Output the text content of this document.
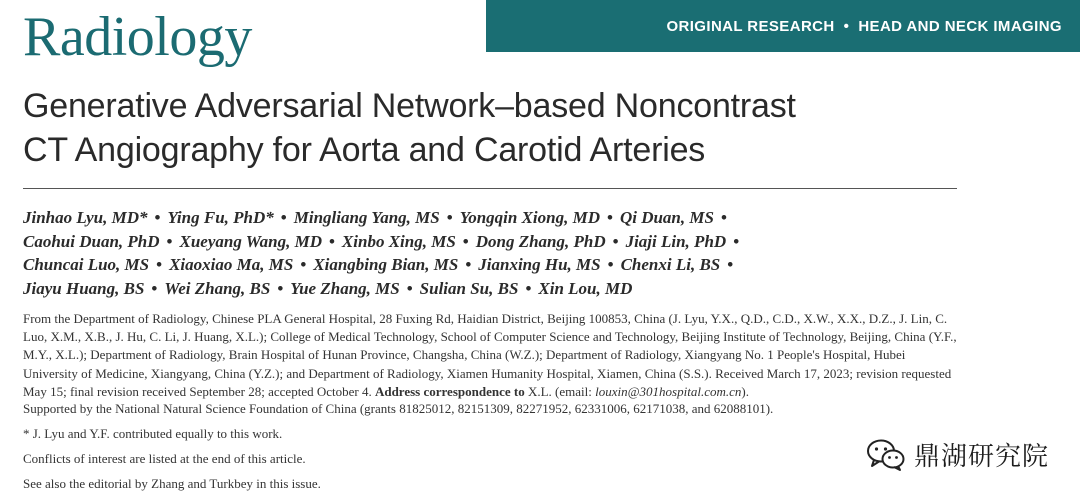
Radiology	ORIGINAL RESEARCH • HEAD AND NECK IMAGING
Generative Adversarial Network–based Noncontrast
CT Angiography for Aorta and Carotid Arteries
Jinhao Lyu, MD* • Ying Fu, PhD* • Mingliang Yang, MS • Yongqin Xiong, MD • Qi Duan, MS •
Caohui Duan, PhD • Xueyang Wang, MD • Xinbo Xing, MS • Dong Zhang, PhD • Jiaji Lin, PhD •
Chuncai Luo, MS • Xiaoxiao Ma, MS • Xiangbing Bian, MS • Jianxing Hu, MS • Chenxi Li, BS •
Jiayu Huang, BS • Wei Zhang, BS • Yue Zhang, MS • Sulian Su, BS • Xin Lou, MD
From the Department of Radiology, Chinese PLA General Hospital, 28 Fuxing Rd, Haidian District, Beijing 100853, China (J. Lyu, Y.X., Q.D., C.D., X.W., X.X., D.Z., J. Lin, C. Luo, X.M., X.B., J. Hu, C. Li, J. Huang, X.L.); College of Medical Technology, School of Computer Science and Technology, Beijing Institute of Technology, Beijing, China (Y.F., M.Y., X.L.); Department of Radiology, Brain Hospital of Hunan Province, Changsha, China (W.Z.); Department of Radiology, Xiangyang No. 1 People's Hospital, Hubei University of Medicine, Xiangyang, China (Y.Z.); and Department of Radiology, Xiamen Humanity Hospital, Xiamen, China (S.S.). Received March 17, 2023; revision requested May 15; final revision received September 28; accepted October 4. Address correspondence to X.L. (email: louxin@301hospital.com.cn).
Supported by the National Natural Science Foundation of China (grants 81825012, 82151309, 82271952, 62331006, 62171038, and 62088101).
* J. Lyu and Y.F. contributed equally to this work.
Conflicts of interest are listed at the end of this article.
See also the editorial by Zhang and Turkbey in this issue.
鼎湖研究院
